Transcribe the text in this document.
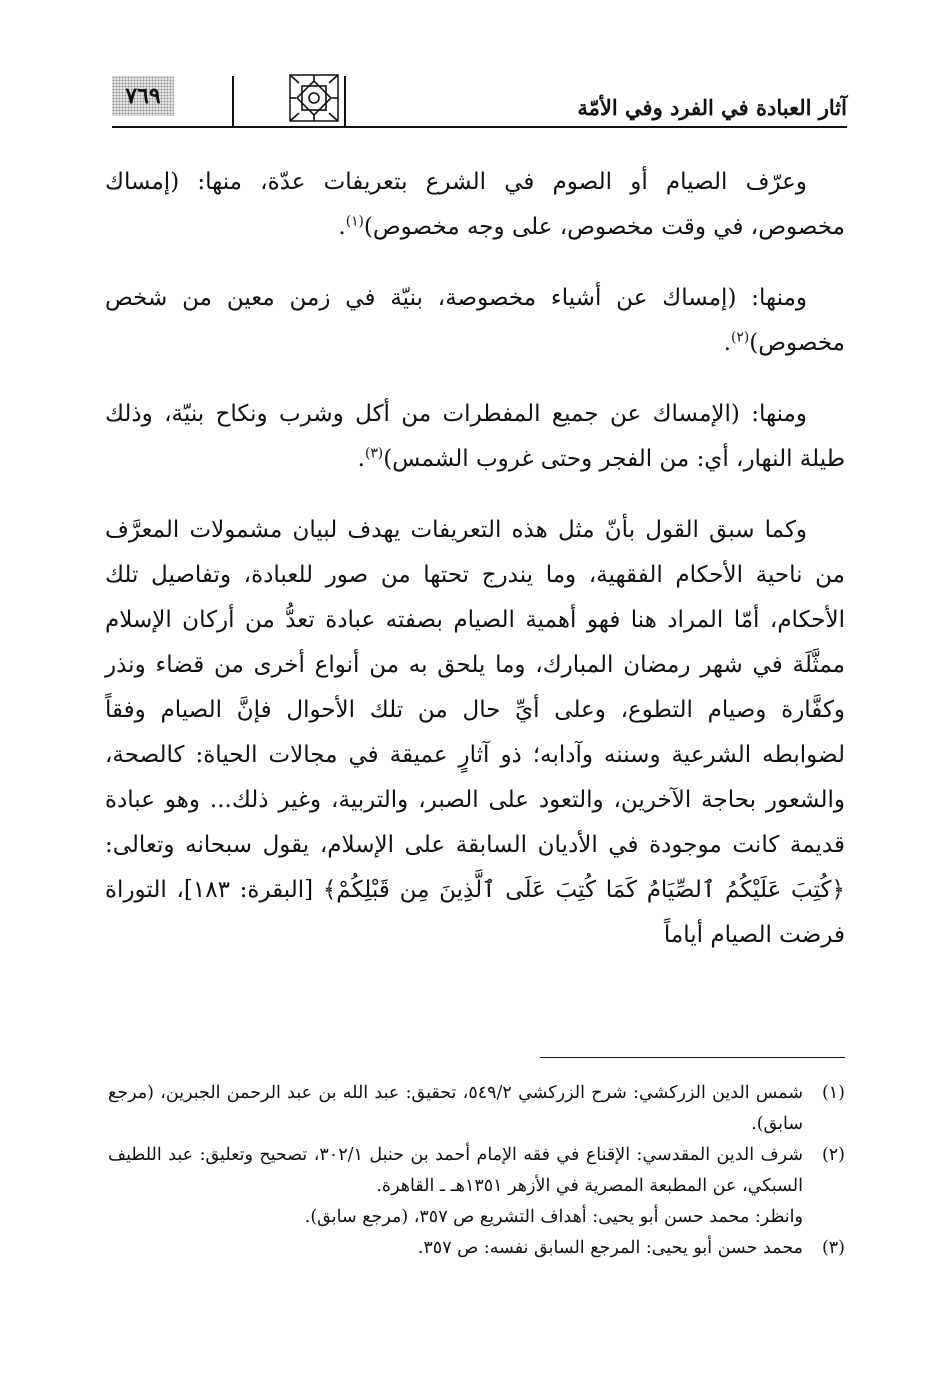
٧٦٩	آثار العبادة في الفرد وفي الأمّة

وعرّف الصيام أو الصوم في الشرع بتعريفات عدّة، منها: (إمساك مخصوص، في وقت مخصوص، على وجه مخصوص)$^{(١)}$.

ومنها: (إمساك عن أشياء مخصوصة، بنيّة في زمن معين من شخص مخصوص)$^{(٢)}$.

ومنها: (الإمساك عن جميع المفطرات من أكل وشرب ونكاح بنيّة، وذلك طيلة النهار، أي: من الفجر وحتى غروب الشمس)$^{(٣)}$.

وكما سبق القول بأنّ مثل هذه التعريفات يهدف لبيان مشمولات المعرَّف من ناحية الأحكام الفقهية، وما يندرج تحتها من صور للعبادة، وتفاصيل تلك الأحكام، أمّا المراد هنا فهو أهمية الصيام بصفته عبادة تعدُّ من أركان الإسلام ممثَّلَة في شهر رمضان المبارك، وما يلحق به من أنواع أخرى من قضاء ونذر وكفَّارة وصيام التطوع، وعلى أيِّ حال من تلك الأحوال فإنَّ الصيام وفقاً لضوابطه الشرعية وسننه وآدابه؛ ذو آثارٍ عميقة في مجالات الحياة: كالصحة، والشعور بحاجة الآخرين، والتعود على الصبر، والتربية، وغير ذلك... وهو عبادة قديمة كانت موجودة في الأديان السابقة على الإسلام، يقول سبحانه وتعالى: ﴿كُتِبَ عَلَيْكُمُ ٱلصِّيَامُ كَمَا كُتِبَ عَلَى ٱلَّذِينَ مِن قَبْلِكُمْ﴾ [البقرة: ١٨٣]، التوراة فرضت الصيام أياماً

(١)
شمس الدين الزركشي: شرح الزركشي ٥٤٩/٢، تحقيق: عبد الله بن عبد الرحمن الجبرين، (مرجع سابق).
(٢)
شرف الدين المقدسي: الإقناع في فقه الإمام أحمد بن حنبل ٣٠٢/١، تصحيح وتعليق: عبد اللطيف السبكي، عن المطبعة المصرية في الأزهر ١٣٥١هـ ـ القاهرة.
وانظر: محمد حسن أبو يحيى: أهداف التشريع ص ٣٥٧، (مرجع سابق).
(٣)
محمد حسن أبو يحيى: المرجع السابق نفسه: ص ٣٥٧.
